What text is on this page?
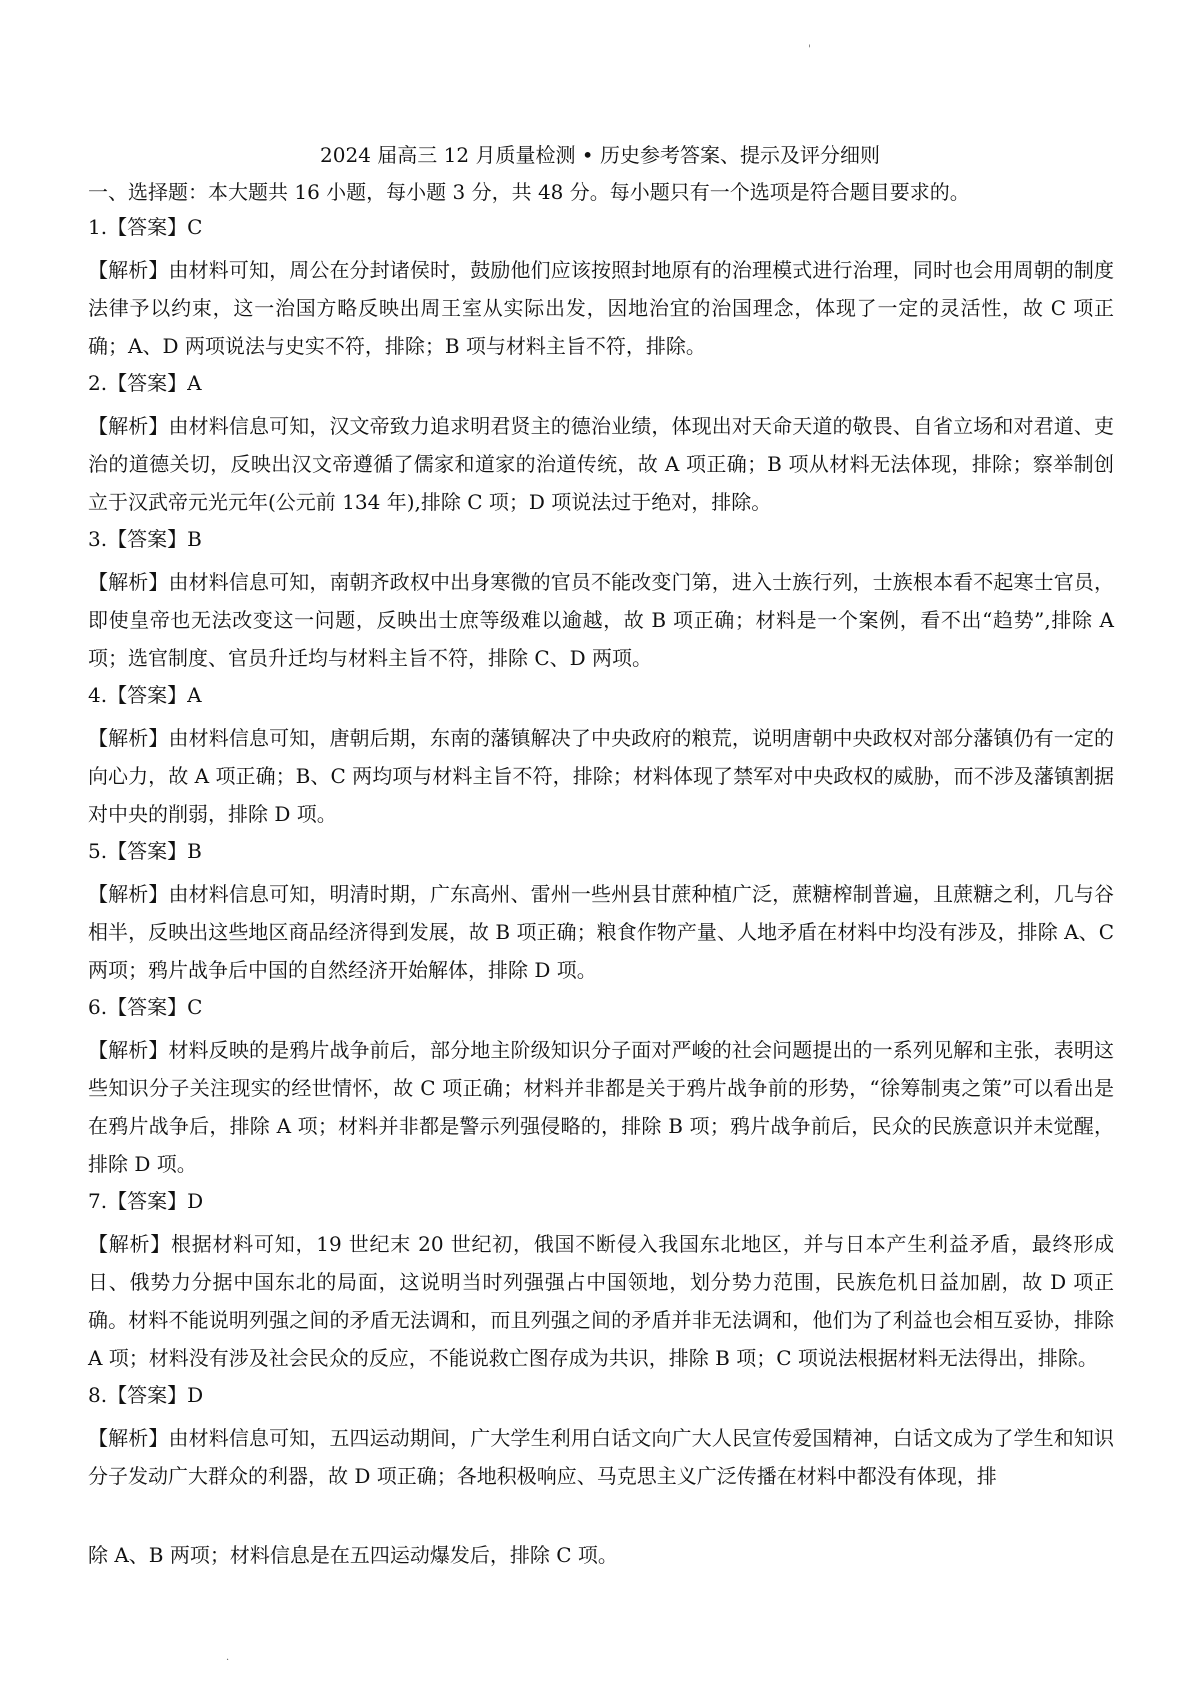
'
2024 届高三 12 月质量检测 • 历史参考答案、提示及评分细则
一、选择题：本大题共 16 小题，每小题 3 分，共 48 分。每小题只有一个选项是符合题目要求的。
1.【答案】C

【解析】由材料可知，周公在分封诸侯时，鼓励他们应该按照封地原有的治理模式进行治理，同时也会用周朝的制度法律予以约束，这一治国方略反映出周王室从实际出发，因地治宜的治国理念，体现了一定的灵活性，故 C 项正确；A、D 两项说法与史实不符，排除；B 项与材料主旨不符，排除。

2.【答案】A

【解析】由材料信息可知，汉文帝致力追求明君贤主的德治业绩，体现出对天命天道的敬畏、自省立场和对君道、吏治的道德关切，反映出汉文帝遵循了儒家和道家的治道传统，故 A 项正确；B 项从材料无法体现，排除；察举制创立于汉武帝元光元年(公元前 134 年),排除 C 项；D 项说法过于绝对，排除。

3.【答案】B

【解析】由材料信息可知，南朝齐政权中出身寒微的官员不能改变门第，进入士族行列，士族根本看不起寒士官员，即使皇帝也无法改变这一问题，反映出士庶等级难以逾越，故 B 项正确；材料是一个案例，看不出“趋势”,排除 A 项；选官制度、官员升迁均与材料主旨不符，排除 C、D 两项。

4.【答案】A

【解析】由材料信息可知，唐朝后期，东南的藩镇解决了中央政府的粮荒，说明唐朝中央政权对部分藩镇仍有一定的向心力，故 A 项正确；B、C 两均项与材料主旨不符，排除；材料体现了禁军对中央政权的威胁，而不涉及藩镇割据对中央的削弱，排除 D 项。

5.【答案】B

【解析】由材料信息可知，明清时期，广东高州、雷州一些州县甘蔗种植广泛，蔗糖榨制普遍，且蔗糖之利，几与谷相半，反映出这些地区商品经济得到发展，故 B 项正确；粮食作物产量、人地矛盾在材料中均没有涉及，排除 A、C 两项；鸦片战争后中国的自然经济开始解体，排除 D 项。

6.【答案】C

【解析】材料反映的是鸦片战争前后，部分地主阶级知识分子面对严峻的社会问题提出的一系列见解和主张，表明这些知识分子关注现实的经世情怀，故 C 项正确；材料并非都是关于鸦片战争前的形势，“徐筹制夷之策”可以看出是在鸦片战争后，排除 A 项；材料并非都是警示列强侵略的，排除 B 项；鸦片战争前后，民众的民族意识并未觉醒，排除 D 项。

7.【答案】D

【解析】根据材料可知，19 世纪末 20 世纪初，俄国不断侵入我国东北地区，并与日本产生利益矛盾，最终形成日、俄势力分据中国东北的局面，这说明当时列强强占中国领地，划分势力范围，民族危机日益加剧，故 D 项正确。材料不能说明列强之间的矛盾无法调和，而且列强之间的矛盾并非无法调和，他们为了利益也会相互妥协，排除 A 项；材料没有涉及社会民众的反应，不能说救亡图存成为共识，排除 B 项；C 项说法根据材料无法得出，排除。

8.【答案】D

【解析】由材料信息可知，五四运动期间，广大学生利用白话文向广大人民宣传爱国精神，白话文成为了学生和知识分子发动广大群众的利器，故 D 项正确；各地积极响应、马克思主义广泛传播在材料中都没有体现，排

除 A、B 两项；材料信息是在五四运动爆发后，排除 C 项。
·
